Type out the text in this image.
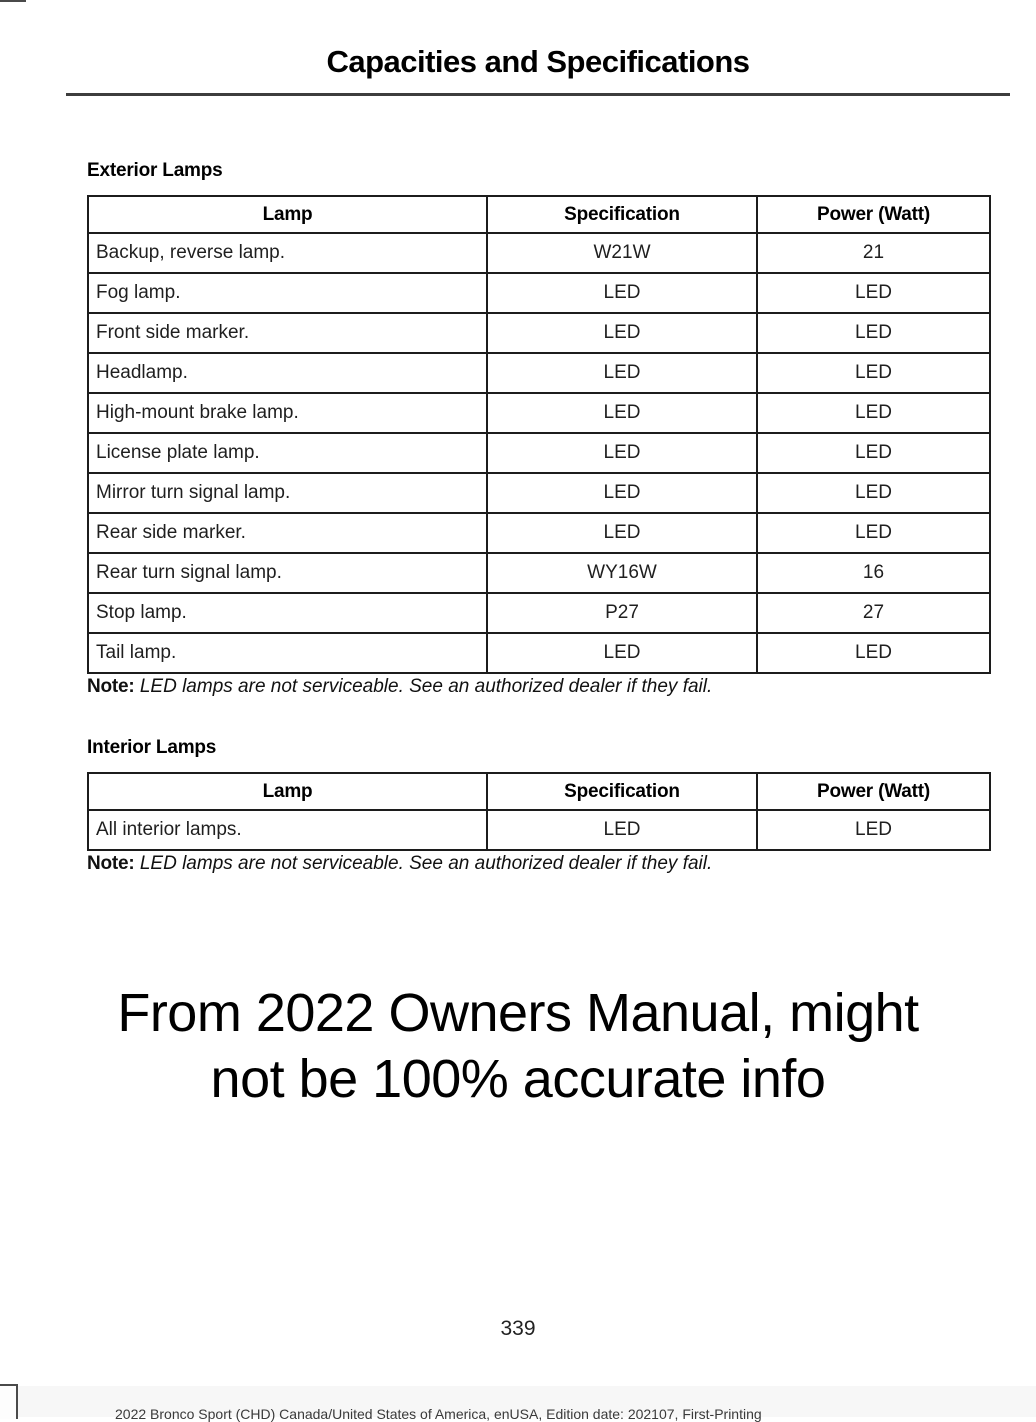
Capacities and Specifications
Exterior Lamps
Lamp	Specification	Power (Watt)
Backup, reverse lamp.	W21W	21
Fog lamp.	LED	LED
Front side marker.	LED	LED
Headlamp.	LED	LED
High-mount brake lamp.	LED	LED
License plate lamp.	LED	LED
Mirror turn signal lamp.	LED	LED
Rear side marker.	LED	LED
Rear turn signal lamp.	WY16W	16
Stop lamp.	P27	27
Tail lamp.	LED	LED

Note: LED lamps are not serviceable. See an authorized dealer if they fail.

Interior Lamps
Lamp	Specification	Power (Watt)
All interior lamps.	LED	LED

Note: LED lamps are not serviceable. See an authorized dealer if they fail.

From 2022 Owners Manual, might
not be 100% accurate info
339
2022 Bronco Sport (CHD) Canada/United States of America, enUSA, Edition date: 202107, First-Printing
